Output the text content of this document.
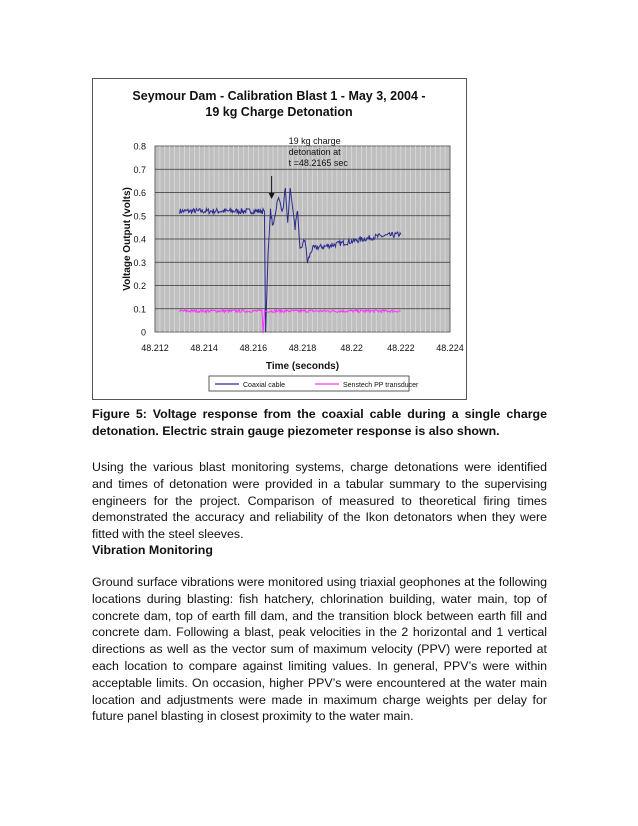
Seymour Dam - Calibration Blast 1 - May 3, 2004 -
19 kg Charge Detonation
0
0.1
0.2
0.3
0.4
0.5
0.6
0.7
0.8
48.212 48.214 48.216 48.218	48.22	48.222 48.224
Time (seconds)
Voltage Output (volts)
19 kg charge
detonation at
t =48.2165 sec
Coaxial cable	Senstech PP transducer
Figure 5: Voltage response from the coaxial cable during a single charge detonation. Electric strain gauge piezometer response is also shown.

Using the various blast monitoring systems, charge detonations were identified and times of detonation were provided in a tabular summary to the supervising engineers for the project. Comparison of measured to theoretical firing times demonstrated the accuracy and reliability of the Ikon detonators when they were fitted with the steel sleeves.

Vibration Monitoring

Ground surface vibrations were monitored using triaxial geophones at the following locations during blasting: fish hatchery, chlorination building, water main, top of concrete dam, top of earth fill dam, and the transition block between earth fill and concrete dam. Following a blast, peak velocities in the 2 horizontal and 1 vertical directions as well as the vector sum of maximum velocity (PPV) were reported at each location to compare against limiting values. In general, PPV’s were within acceptable limits. On occasion, higher PPV’s were encountered at the water main location and adjustments were made in maximum charge weights per delay for future panel blasting in closest proximity to the water main.
